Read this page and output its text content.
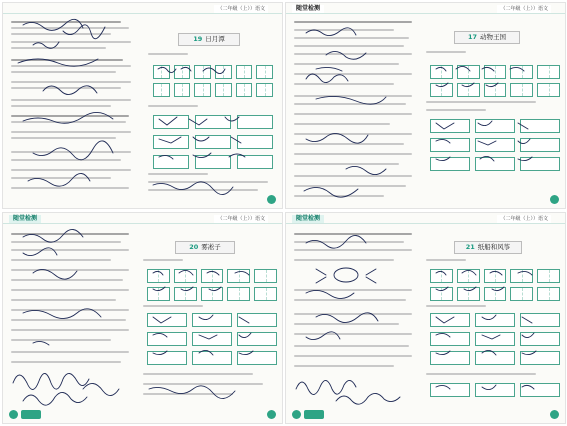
（二年级（上））语文
19 日月潭
随堂检测	（二年级（上））语文
17 动物王国
随堂检测	（二年级（上））语文
20 雾凇子
随堂检测	（二年级（上））语文
21 纸船和风筝
